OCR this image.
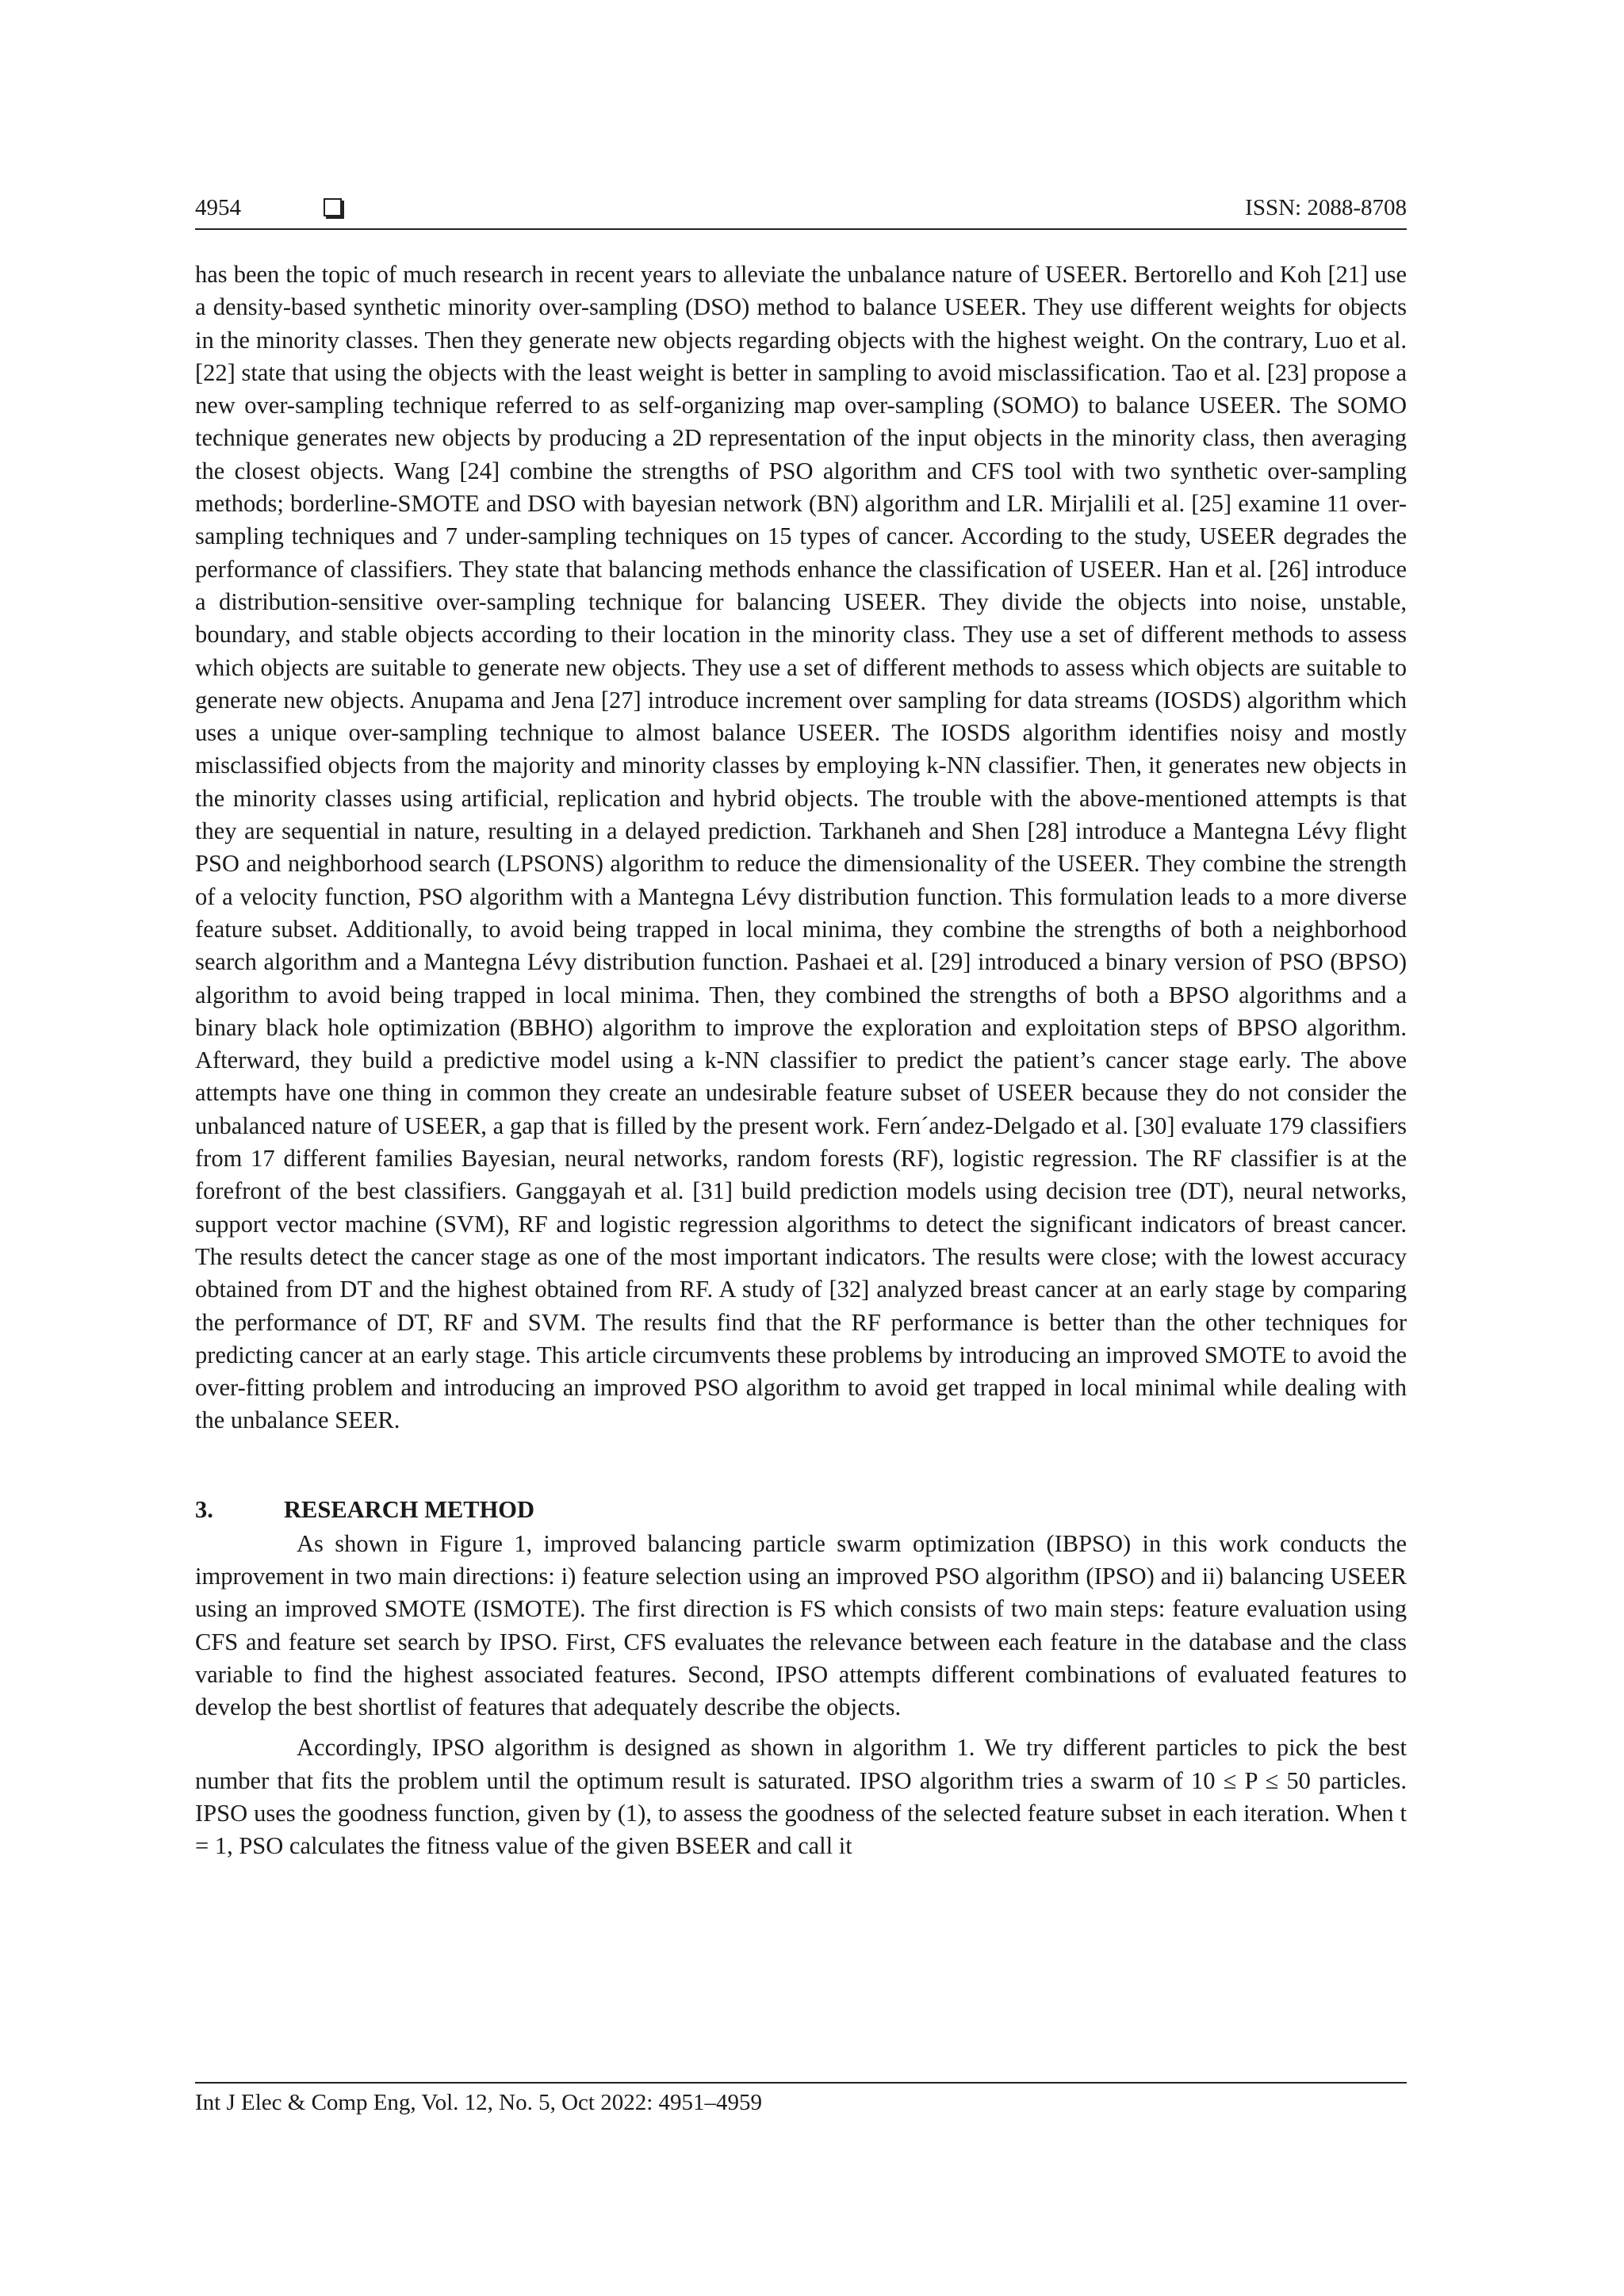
4954	ISSN: 2088-8708

has been the topic of much research in recent years to alleviate the unbalance nature of USEER. Bertorello and Koh [21] use a density-based synthetic minority over-sampling (DSO) method to balance USEER. They use different weights for objects in the minority classes. Then they generate new objects regarding objects with the highest weight. On the contrary, Luo et al. [22] state that using the objects with the least weight is better in sampling to avoid misclassification. Tao et al. [23] propose a new over-sampling technique referred to as self-organizing map over-sampling (SOMO) to balance USEER. The SOMO technique generates new objects by producing a 2D representation of the input objects in the minority class, then averaging the closest objects. Wang [24] combine the strengths of PSO algorithm and CFS tool with two synthetic over-sampling methods; borderline-SMOTE and DSO with bayesian network (BN) algorithm and LR. Mirjalili et al. [25] examine 11 over-sampling techniques and 7 under-sampling techniques on 15 types of cancer. According to the study, USEER degrades the performance of classifiers. They state that balancing methods enhance the classification of USEER. Han et al. [26] introduce a distribution-sensitive over-sampling technique for balancing USEER. They divide the objects into noise, unstable, boundary, and stable objects according to their location in the minority class. They use a set of different methods to assess which objects are suitable to generate new objects. They use a set of different methods to assess which objects are suitable to generate new objects. Anupama and Jena [27] introduce increment over sampling for data streams (IOSDS) algorithm which uses a unique over-sampling technique to almost balance USEER. The IOSDS algorithm identifies noisy and mostly misclassified objects from the majority and minority classes by employing k-NN classifier. Then, it generates new objects in the minority classes using artificial, replication and hybrid objects. The trouble with the above-mentioned attempts is that they are sequential in nature, resulting in a delayed prediction. Tarkhaneh and Shen [28] introduce a Mantegna Lévy flight PSO and neighborhood search (LPSONS) algorithm to reduce the dimensionality of the USEER. They combine the strength of a velocity function, PSO algorithm with a Mantegna Lévy distribution function. This formulation leads to a more diverse feature subset. Additionally, to avoid being trapped in local minima, they combine the strengths of both a neighborhood search algorithm and a Mantegna Lévy distribution function. Pashaei et al. [29] introduced a binary version of PSO (BPSO) algorithm to avoid being trapped in local minima. Then, they combined the strengths of both a BPSO algorithms and a binary black hole optimization (BBHO) algorithm to improve the exploration and exploitation steps of BPSO algorithm. Afterward, they build a predictive model using a k-NN classifier to predict the patient’s cancer stage early. The above attempts have one thing in common they create an undesirable feature subset of USEER because they do not consider the unbalanced nature of USEER, a gap that is filled by the present work. Fern´andez-Delgado et al. [30] evaluate 179 classifiers from 17 different families Bayesian, neural networks, random forests (RF), logistic regression. The RF classifier is at the forefront of the best classifiers. Ganggayah et al. [31] build prediction models using decision tree (DT), neural networks, support vector machine (SVM), RF and logistic regression algorithms to detect the significant indicators of breast cancer. The results detect the cancer stage as one of the most important indicators. The results were close; with the lowest accuracy obtained from DT and the highest obtained from RF. A study of [32] analyzed breast cancer at an early stage by comparing the performance of DT, RF and SVM. The results find that the RF performance is better than the other techniques for predicting cancer at an early stage. This article circumvents these problems by introducing an improved SMOTE to avoid the over-fitting problem and introducing an improved PSO algorithm to avoid get trapped in local minimal while dealing with the unbalance SEER.

3.	RESEARCH METHOD

As shown in Figure 1, improved balancing particle swarm optimization (IBPSO) in this work conducts the improvement in two main directions: i) feature selection using an improved PSO algorithm (IPSO) and ii) balancing USEER using an improved SMOTE (ISMOTE). The first direction is FS which consists of two main steps: feature evaluation using CFS and feature set search by IPSO. First, CFS evaluates the relevance between each feature in the database and the class variable to find the highest associated features. Second, IPSO attempts different combinations of evaluated features to develop the best shortlist of features that adequately describe the objects.

Accordingly, IPSO algorithm is designed as shown in algorithm 1. We try different particles to pick the best number that fits the problem until the optimum result is saturated. IPSO algorithm tries a swarm of 10 ≤ P ≤ 50 particles. IPSO uses the goodness function, given by (1), to assess the goodness of the selected feature subset in each iteration. When t = 1, PSO calculates the fitness value of the given BSEER and call it

Int J Elec & Comp Eng, Vol. 12, No. 5, Oct 2022: 4951–4959
